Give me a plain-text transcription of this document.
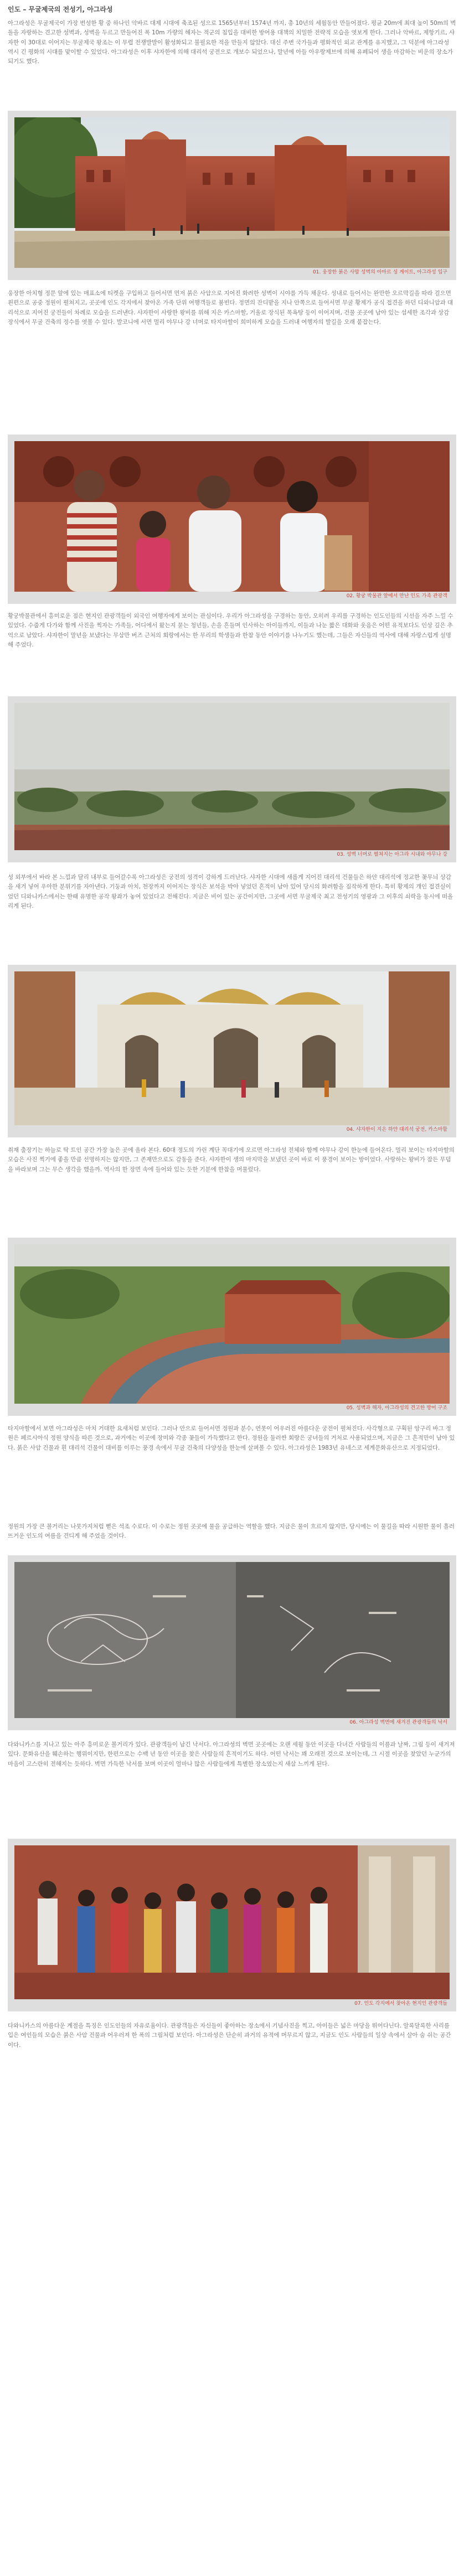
인도 – 무굴제국의 전성기, 아그라성

아그라성은 무굴제국이 가장 번성한 황 중 하나인 악바르 대제 시대에 축조된 성으로 1565년부터 1574년 까지, 총 10년의 세월동안 만들어졌다. 평균 20m에 최대 높이 50m의 벽돌을 자랑하는 견고한 성벽과, 성벽을 두르고 만들어진 폭 10m 가량의 해자는 적군의 침입을 대비한 방어용 대책의 치밀한 전략적 모습을 엿보게 한다. 그러나 악바르, 제항기르, 샤자한 이 30대로 이어지는 무굴제국 왕조는 이 무렵 전쟁발발이 활성화되고 불필요한 적을 만들지 않았다. 대신 주변 국가들과 평화적인 외교 관계를 유지했고, 그 덕분에 아그라성 역시 긴 평화의 시대를 맞이할 수 있었다. 아그라성은 이후 샤자한에 의해 대리석 궁전으로 개보수 되었으나, 말년에 아들 아우랑제브에 의해 유폐되어 생을 마감하는 비운의 장소가 되기도 했다.

01. 웅장한 붉은 사암 성벽의 아마르 싱 게이트, 아그라성 입구

웅장한 아치형 정문 앞에 있는 매표소에 티켓을 구입하고 들어서면 먼저 붉은 사암으로 지어진 화려한 성벽이 시야를 가득 채운다. 성내로 들어서는 완만한 오르막길을 따라 걸으면 왼편으로 공중 정원이 펼쳐지고, 곳곳에 인도 각지에서 찾아온 가족 단위 여행객들로 붐빈다. 정면의 잔디밭을 지나 안쪽으로 들어서면 무굴 황제가 공식 접견을 하던 디와니암과 대리석으로 지어진 궁전들이 차례로 모습을 드러낸다. 샤자한이 사랑한 왕비를 위해 지은 카스마할, 거울로 장식된 목욕탕 등이 이어지며, 건물 곳곳에 남아 있는 섬세한 조각과 상감 장식에서 무굴 건축의 정수를 엿볼 수 있다. 발코니에 서면 멀리 야무나 강 너머로 타지마할이 희미하게 모습을 드러내 여행자의 발길을 오래 붙잡는다.

02. 황궁 박물관 앞에서 만난 인도 가족 관광객

황궁박물관에서 흥미로운 점은 현지인 관광객들이 외국인 여행자에게 보이는 관심이다. 우리가 아그라성을 구경하는 동안, 오히려 우리를 구경하는 인도인들의 시선을 자주 느낄 수 있었다. 수줍게 다가와 함께 사진을 찍자는 가족들, 어디에서 왔는지 묻는 청년들, 손을 흔들며 인사하는 아이들까지, 이들과 나눈 짧은 대화와 웃음은 어떤 유적보다도 인상 깊은 추억으로 남았다. 샤자한이 말년을 보냈다는 무삼만 버즈 근처의 회랑에서는 한 무리의 학생들과 한참 동안 이야기를 나누기도 했는데, 그들은 자신들의 역사에 대해 자랑스럽게 설명해 주었다.

03. 성벽 너머로 펼쳐지는 아그라 시내와 야무나 강

성 외부에서 바라 본 느낌과 달리 내부로 들어갈수록 아그라성은 궁전의 성격이 강하게 드러난다. 샤자한 시대에 새롭게 지어진 대리석 건물들은 하얀 대리석에 정교한 꽃무늬 상감을 새겨 넣어 우아한 분위기를 자아낸다. 기둥과 아치, 천장까지 이어지는 장식은 보석을 박아 넣었던 흔적이 남아 있어 당시의 화려함을 짐작하게 한다. 특히 황제의 개인 접견실이었던 디와니카스에서는 한때 유명한 공작 왕좌가 놓여 있었다고 전해진다. 지금은 비어 있는 공간이지만, 그곳에 서면 무굴제국 최고 전성기의 영광과 그 이후의 쇠락을 동시에 떠올리게 된다.

04. 샤자한이 지은 하얀 대리석 궁전, 카스마할

취재 출장기는 하늘로 탁 트인 공간 가장 높은 곳에 올라 본다. 60대 정도의 가린 계단 꼭대기에 오르면 아그라성 전체와 함께 야무나 강이 한눈에 들어온다. 멀리 보이는 타지마할의 모습은 사진 찍기에 좋을 만큼 선명하지는 않지만, 그 존재만으로도 감동을 준다. 샤자한이 생의 마지막을 보냈던 곳이 바로 이 풍경이 보이는 방이었다. 사랑하는 왕비가 잠든 무덤을 바라보며 그는 무슨 생각을 했을까. 역사의 한 장면 속에 들어와 있는 듯한 기분에 한참을 머물렀다.

05. 성벽과 해자, 아그라성의 견고한 방어 구조

타지마할에서 보면 아그라성은 마치 거대한 요새처럼 보인다. 그러나 안으로 들어서면 정원과 분수, 연못이 어우러진 아름다운 궁전이 펼쳐진다. 사각형으로 구획된 앙구리 바그 정원은 페르시아식 정원 양식을 따른 것으로, 과거에는 이곳에 장미와 각종 꽃들이 가득했다고 한다. 정원을 둘러싼 회랑은 궁녀들의 거처로 사용되었으며, 지금은 그 흔적만이 남아 있다. 붉은 사암 건물과 흰 대리석 건물이 대비를 이루는 풍경 속에서 무굴 건축의 다양성을 한눈에 살펴볼 수 있다. 아그라성은 1983년 유네스코 세계문화유산으로 지정되었다.

정원의 가장 큰 볼거리는 나뭇가지처럼 뻗은 석조 수로다. 이 수로는 정원 곳곳에 물을 공급하는 역할을 했다. 지금은 물이 흐르지 않지만, 당시에는 이 물길을 따라 시원한 물이 흘러 뜨거운 인도의 여름을 견디게 해 주었을 것이다.

06. 아그라성 벽면에 새겨진 관광객들의 낙서

다와니카스를 지나고 있는 아주 흥미로운 볼거리가 있다. 관광객들이 남긴 낙서다. 아그라성의 벽면 곳곳에는 오랜 세월 동안 이곳을 다녀간 사람들의 이름과 날짜, 그림 등이 새겨져 있다. 문화유산을 훼손하는 행위이지만, 한편으로는 수백 년 동안 이곳을 찾은 사람들의 흔적이기도 하다. 어떤 낙서는 꽤 오래전 것으로 보이는데, 그 시절 이곳을 찾았던 누군가의 마음이 고스란히 전해지는 듯하다. 벽면 가득한 낙서를 보며 이곳이 얼마나 많은 사람들에게 특별한 장소였는지 새삼 느끼게 된다.

07. 인도 각지에서 찾아온 현지인 관광객들

다와니카스의 아름다운 계절을 특징은 인도인들의 자유로움이다. 관광객들은 자신들이 좋아하는 장소에서 기념사진을 찍고, 아이들은 넓은 마당을 뛰어다닌다. 알록달록한 사리를 입은 여인들의 모습은 붉은 사암 건물과 어우러져 한 폭의 그림처럼 보인다. 아그라성은 단순히 과거의 유적에 머무르지 않고, 지금도 인도 사람들의 일상 속에서 살아 숨 쉬는 공간이다.
